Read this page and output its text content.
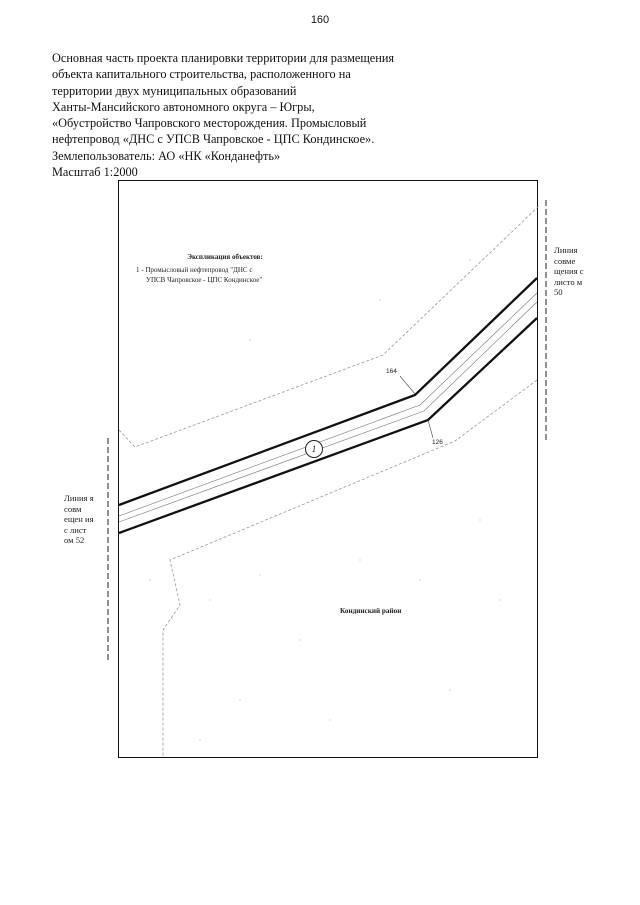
160
Основная часть проекта планировки территории для размещения
объекта капитального строительства, расположенного на
территории двух муниципальных образований
Ханты-Мансийского автономного округа – Югры,
«Обустройство Чапровского месторождения. Промысловый
нефтепровод «ДНС с УПСВ Чапровское - ЦПС Кондинское».
Землепользователь: АО «НК «Конданефть»
Масштаб 1:2000
Экспликация объектов:
1 - Промысловый нефтепровод "ДНС с
УПСВ Чапровское - ЦПС Кондинское"
164
126
1
Кондинский район
Линия совме щения с листо м 50
Линия я совм ещен ия с лист ом 52
